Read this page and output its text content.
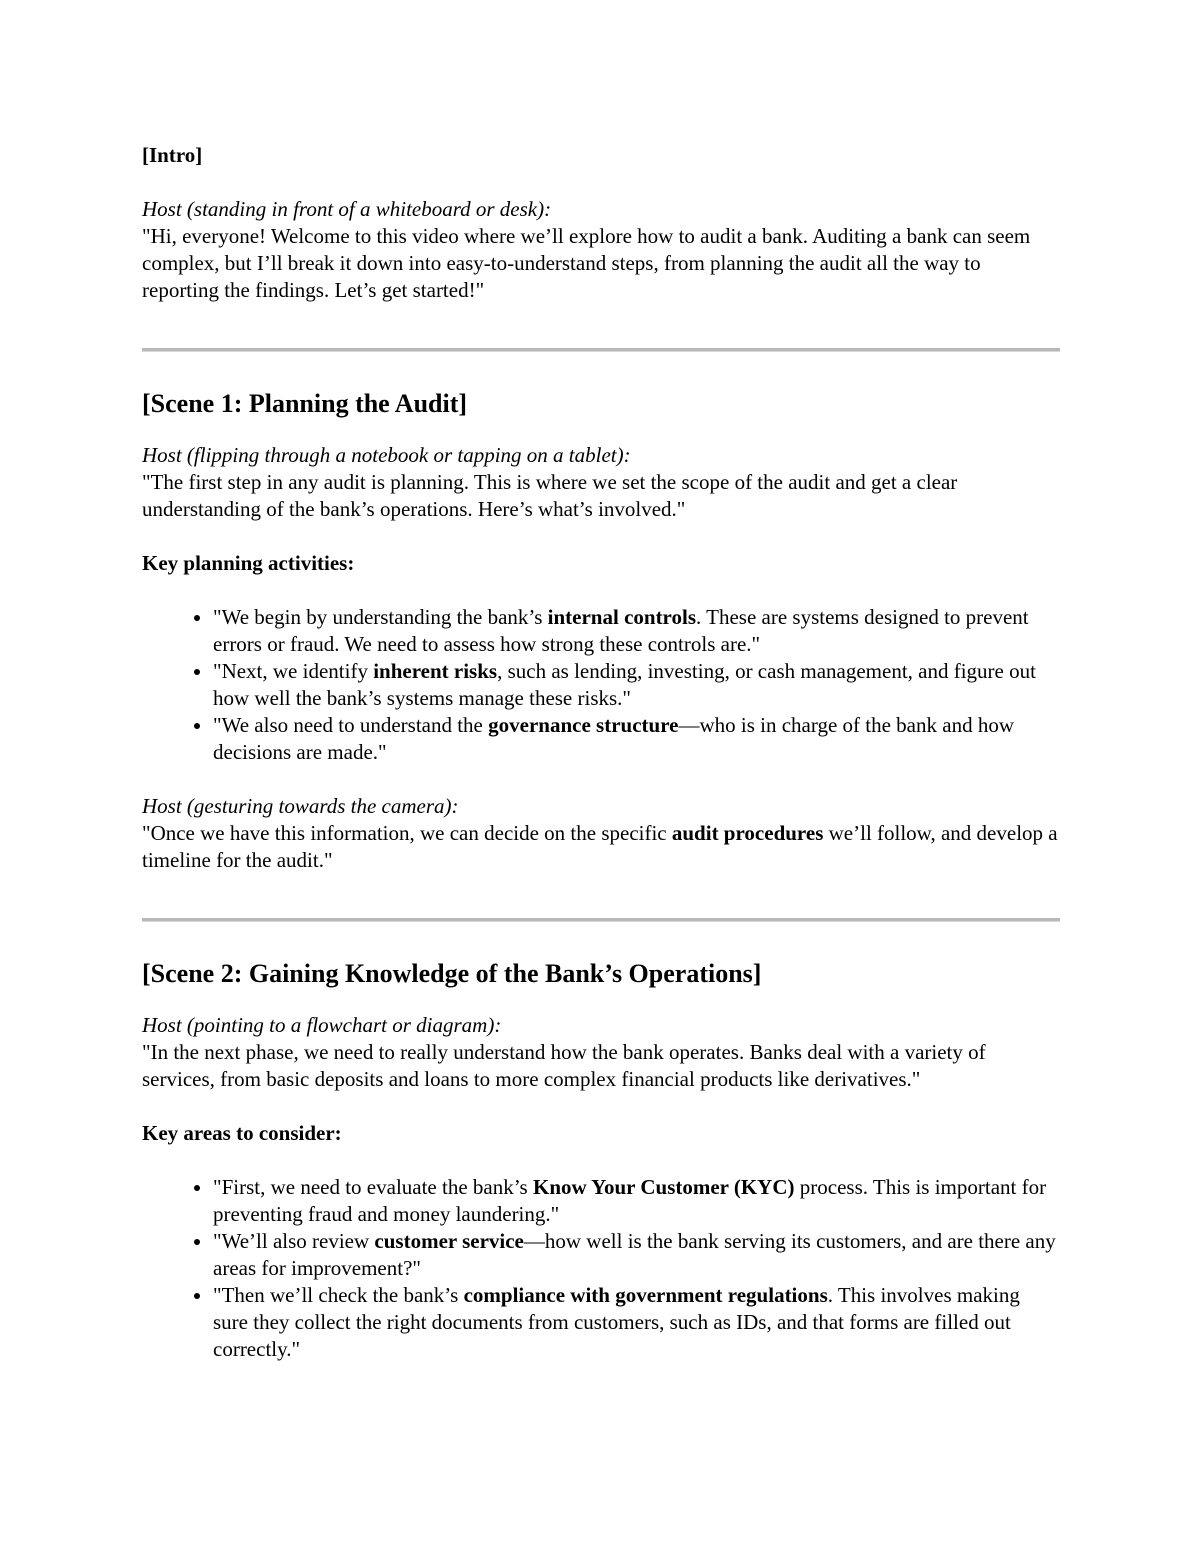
[Intro]

Host (standing in front of a whiteboard or desk):

"Hi, everyone! Welcome to this video where we’ll explore how to audit a bank. Auditing a bank can seem complex, but I’ll break it down into easy-to-understand steps, from planning the audit all the way to reporting the findings. Let’s get started!"

[Scene 1: Planning the Audit]

Host (flipping through a notebook or tapping on a tablet):

"The first step in any audit is planning. This is where we set the scope of the audit and get a clear understanding of the bank’s operations. Here’s what’s involved."

Key planning activities:

• "We begin by understanding the bank’s internal controls. These are systems designed to prevent errors or fraud. We need to assess how strong these controls are."
• "Next, we identify inherent risks, such as lending, investing, or cash management, and figure out how well the bank’s systems manage these risks."
• "We also need to understand the governance structure—who is in charge of the bank and how decisions are made."

Host (gesturing towards the camera):

"Once we have this information, we can decide on the specific audit procedures we’ll follow, and develop a timeline for the audit."

[Scene 2: Gaining Knowledge of the Bank’s Operations]

Host (pointing to a flowchart or diagram):

"In the next phase, we need to really understand how the bank operates. Banks deal with a variety of services, from basic deposits and loans to more complex financial products like derivatives."

Key areas to consider:

• "First, we need to evaluate the bank’s Know Your Customer (KYC) process. This is important for preventing fraud and money laundering."
• "We’ll also review customer service—how well is the bank serving its customers, and are there any areas for improvement?"
• "Then we’ll check the bank’s compliance with government regulations. This involves making sure they collect the right documents from customers, such as IDs, and that forms are filled out correctly."
